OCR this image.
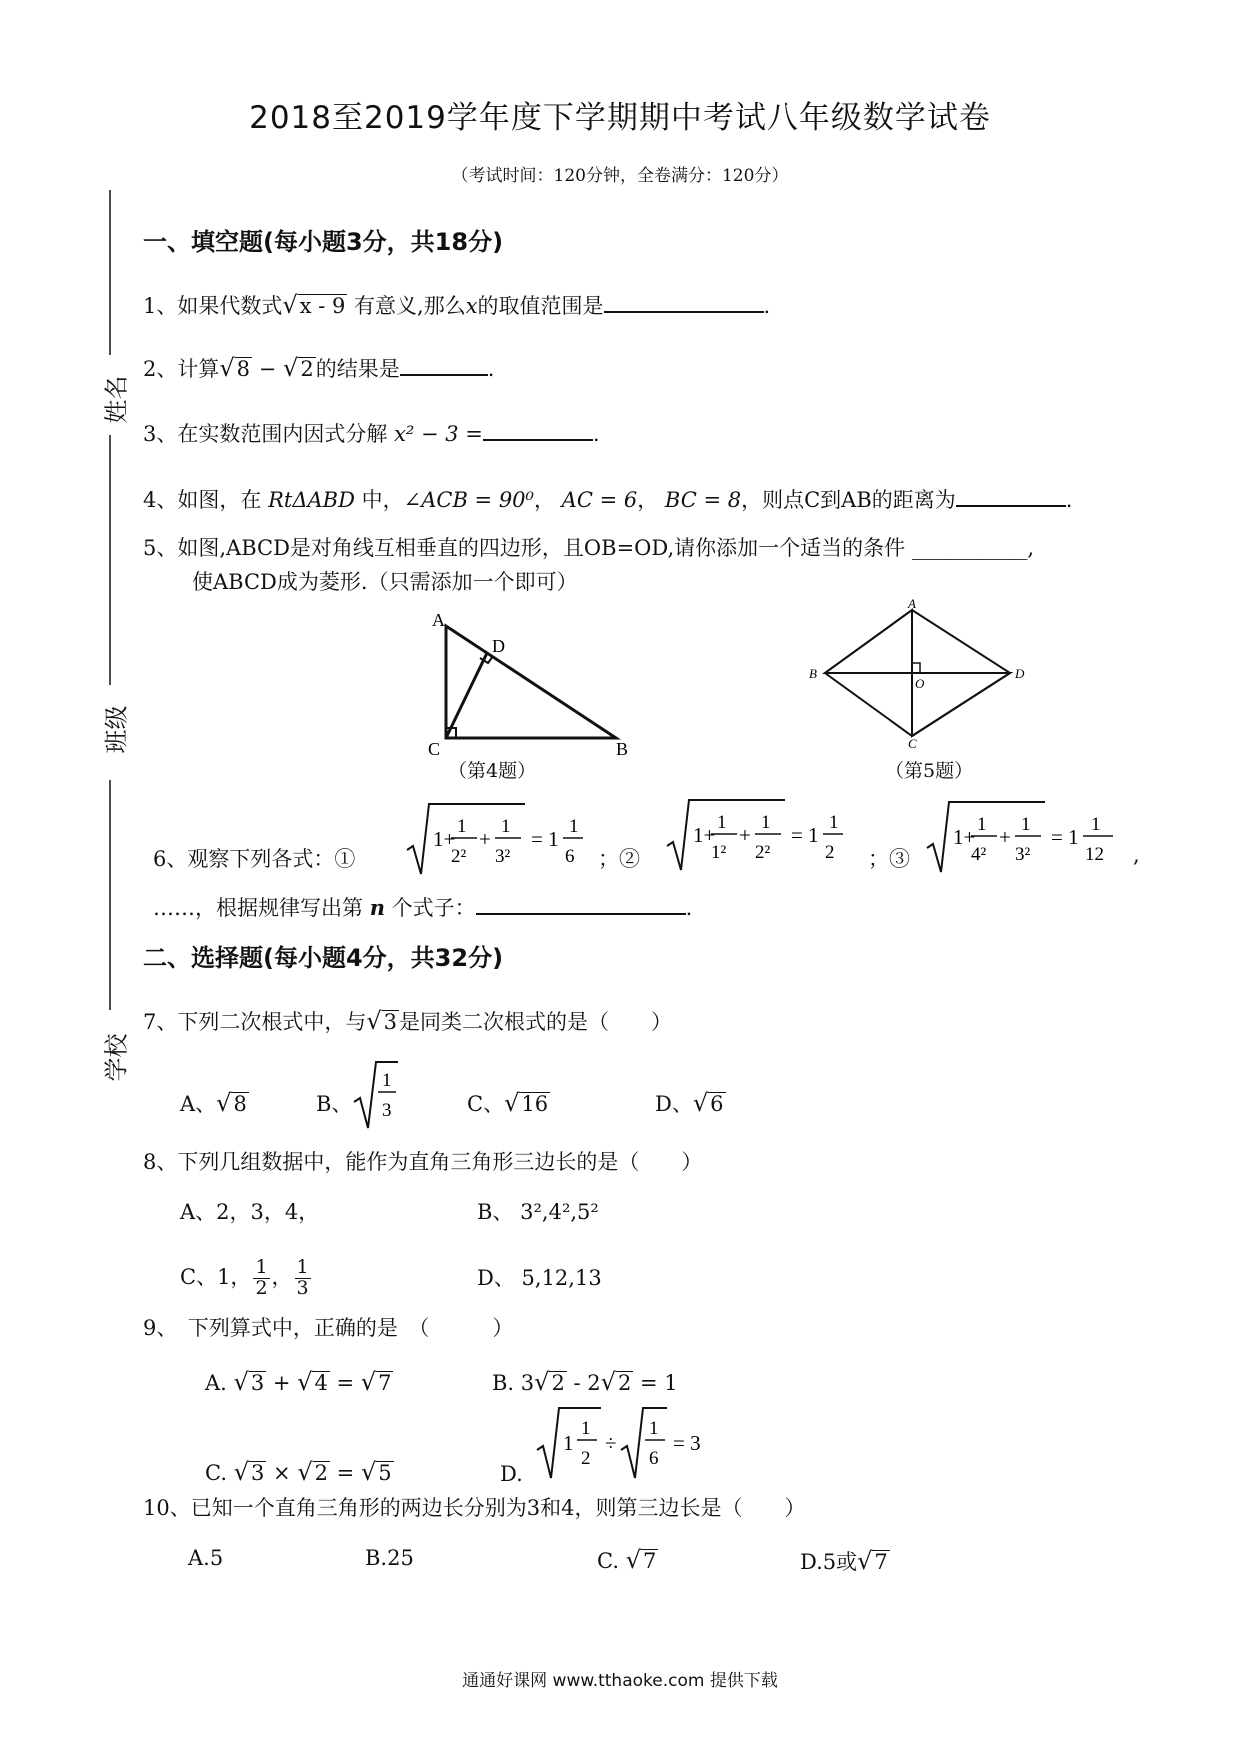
2018至2019学年度下学期期中考试八年级数学试卷
（考试时间：120分钟，全卷满分：120分）
姓名
班级
学校
一、填空题(每小题3分，共18分)
1、如果代数式√x - 9 有意义,那么x的取值范围是	.
2、计算√8 − √2的结果是	.
3、在实数范围内因式分解 x² − 3 =	.
4、如图，在 RtΔABD 中，∠ACB = 90⁰， AC = 6， BC = 8，则点C到AB的距离为	.
5、如图,ABCD是对角线互相垂直的四边形，且OB=OD,请你添加一个适当的条件 ___________,
使ABCD成为菱形.（只需添加一个即可）
A
D
C	B
（第4题）
A
B
O
D
C
（第5题）
6、观察下列各式：①
1+
1
2²
+
1
3²
= 1
1
6 ；②
1+
1
1²
+
1
2²
= 1
1
2 ；③
1+
1
4²
+
1
3²
= 1
1
12 ,
……，根据规律写出第 n 个式子：	.
二、选择题(每小题4分，共32分)
7、下列二次根式中，与√3是同类二次根式的是（　　）
A、√8	B、
1
3	C、√16	D、√6
8、下列几组数据中，能作为直角三角形三边长的是（　　）
A、2，3，4，	B、 3²,4²,5²
C、1， $\frac{1}{2}$ ， $\frac{1}{3}$	D、 5,12,13
9、　下列算式中，正确的是　（　　　）
A. √3 + √4 = √7	B. 3√2 - 2√2 = 1
C. √3 × √2 = √5	D.
1
1
2
÷
1
6
= 3
10、已知一个直角三角形的两边长分别为3和4，则第三边长是（　　）
A.5	B.25	C. √7	D.5或√7
通通好课网 www.tthaoke.com 提供下载
